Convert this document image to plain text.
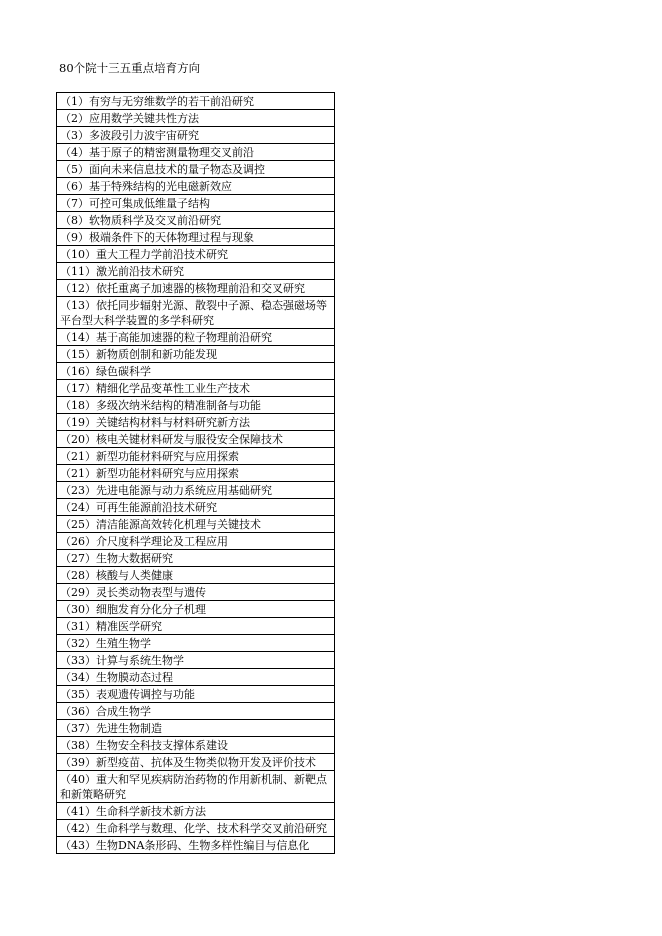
80个院十三五重点培育方向
（1）有穷与无穷维数学的若干前沿研究
（2）应用数学关键共性方法
（3）多波段引力波宇宙研究
（4）基于原子的精密测量物理交叉前沿
（5）面向未来信息技术的量子物态及调控
（6）基于特殊结构的光电磁新效应
（7）可控可集成低维量子结构
（8）软物质科学及交叉前沿研究
（9）极端条件下的天体物理过程与现象
（10）重大工程力学前沿技术研究
（11）激光前沿技术研究
（12）依托重离子加速器的核物理前沿和交叉研究
（13）依托同步辐射光源、散裂中子源、稳态强磁场等平台型大科学装置的多学科研究
（14）基于高能加速器的粒子物理前沿研究
（15）新物质创制和新功能发现
（16）绿色碳科学
（17）精细化学品变革性工业生产技术
（18）多级次纳米结构的精准制备与功能
（19）关键结构材料与材料研究新方法
（20）核电关键材料研发与服役安全保障技术
（21）新型功能材料研究与应用探索
（21）新型功能材料研究与应用探索
（23）先进电能源与动力系统应用基础研究
（24）可再生能源前沿技术研究
（25）清洁能源高效转化机理与关键技术
（26）介尺度科学理论及工程应用
（27）生物大数据研究
（28）核酸与人类健康
（29）灵长类动物表型与遗传
（30）细胞发育分化分子机理
（31）精准医学研究
（32）生殖生物学
（33）计算与系统生物学
（34）生物膜动态过程
（35）表观遗传调控与功能
（36）合成生物学
（37）先进生物制造
（38）生物安全科技支撑体系建设
（39）新型疫苗、抗体及生物类似物开发及评价技术
（40）重大和罕见疾病防治药物的作用新机制、新靶点和新策略研究
（41）生命科学新技术新方法
（42）生命科学与数理、化学、技术科学交叉前沿研究
（43）生物DNA条形码、生物多样性编目与信息化
